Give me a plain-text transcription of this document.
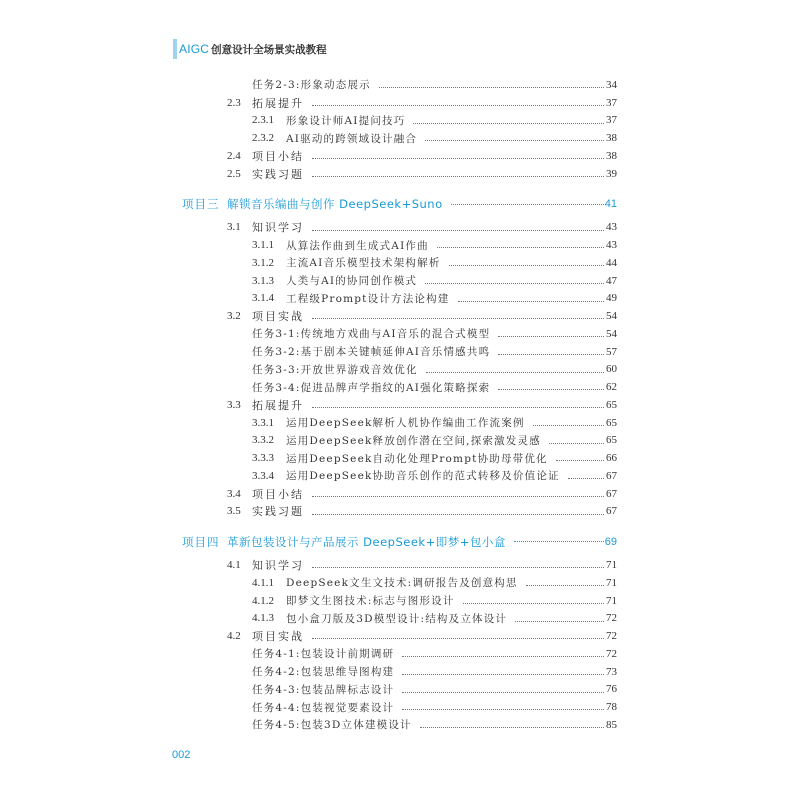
AIGC 创意设计全场景实战教程
任务2-3:形象动态展示	34
2.3 拓展提升	37
2.3.1 形象设计师AI提问技巧	37
2.3.2 AI驱动的跨领域设计融合	38
2.4 项目小结	38
2.5 实践习题	39
项目三 解锁音乐编曲与创作 DeepSeek+Suno	41
3.1 知识学习	43
3.1.1 从算法作曲到生成式AI作曲	43
3.1.2 主流AI音乐模型技术架构解析	44
3.1.3 人类与AI的协同创作模式	47
3.1.4 工程级Prompt设计方法论构建	49
3.2 项目实战	54
任务3-1:传统地方戏曲与AI音乐的混合式模型	54
任务3-2:基于剧本关键帧延伸AI音乐情感共鸣	57
任务3-3:开放世界游戏音效优化	60
任务3-4:促进品牌声学指纹的AI强化策略探索	62
3.3 拓展提升	65
3.3.1 运用DeepSeek解析人机协作编曲工作流案例	65
3.3.2 运用DeepSeek释放创作潜在空间,探索激发灵感	65
3.3.3 运用DeepSeek自动化处理Prompt协助母带优化	66
3.3.4 运用DeepSeek协助音乐创作的范式转移及价值论证	67
3.4 项目小结	67
3.5 实践习题	67
项目四 革新包装设计与产品展示 DeepSeek+即梦+包小盒	69
4.1 知识学习	71
4.1.1 DeepSeek文生文技术:调研报告及创意构思	71
4.1.2 即梦文生图技术:标志与图形设计	71
4.1.3 包小盒刀版及3D模型设计:结构及立体设计	72
4.2 项目实战	72
任务4-1:包装设计前期调研	72
任务4-2:包装思维导图构建	73
任务4-3:包装品牌标志设计	76
任务4-4:包装视觉要素设计	78
任务4-5:包装3D立体建模设计	85
002
